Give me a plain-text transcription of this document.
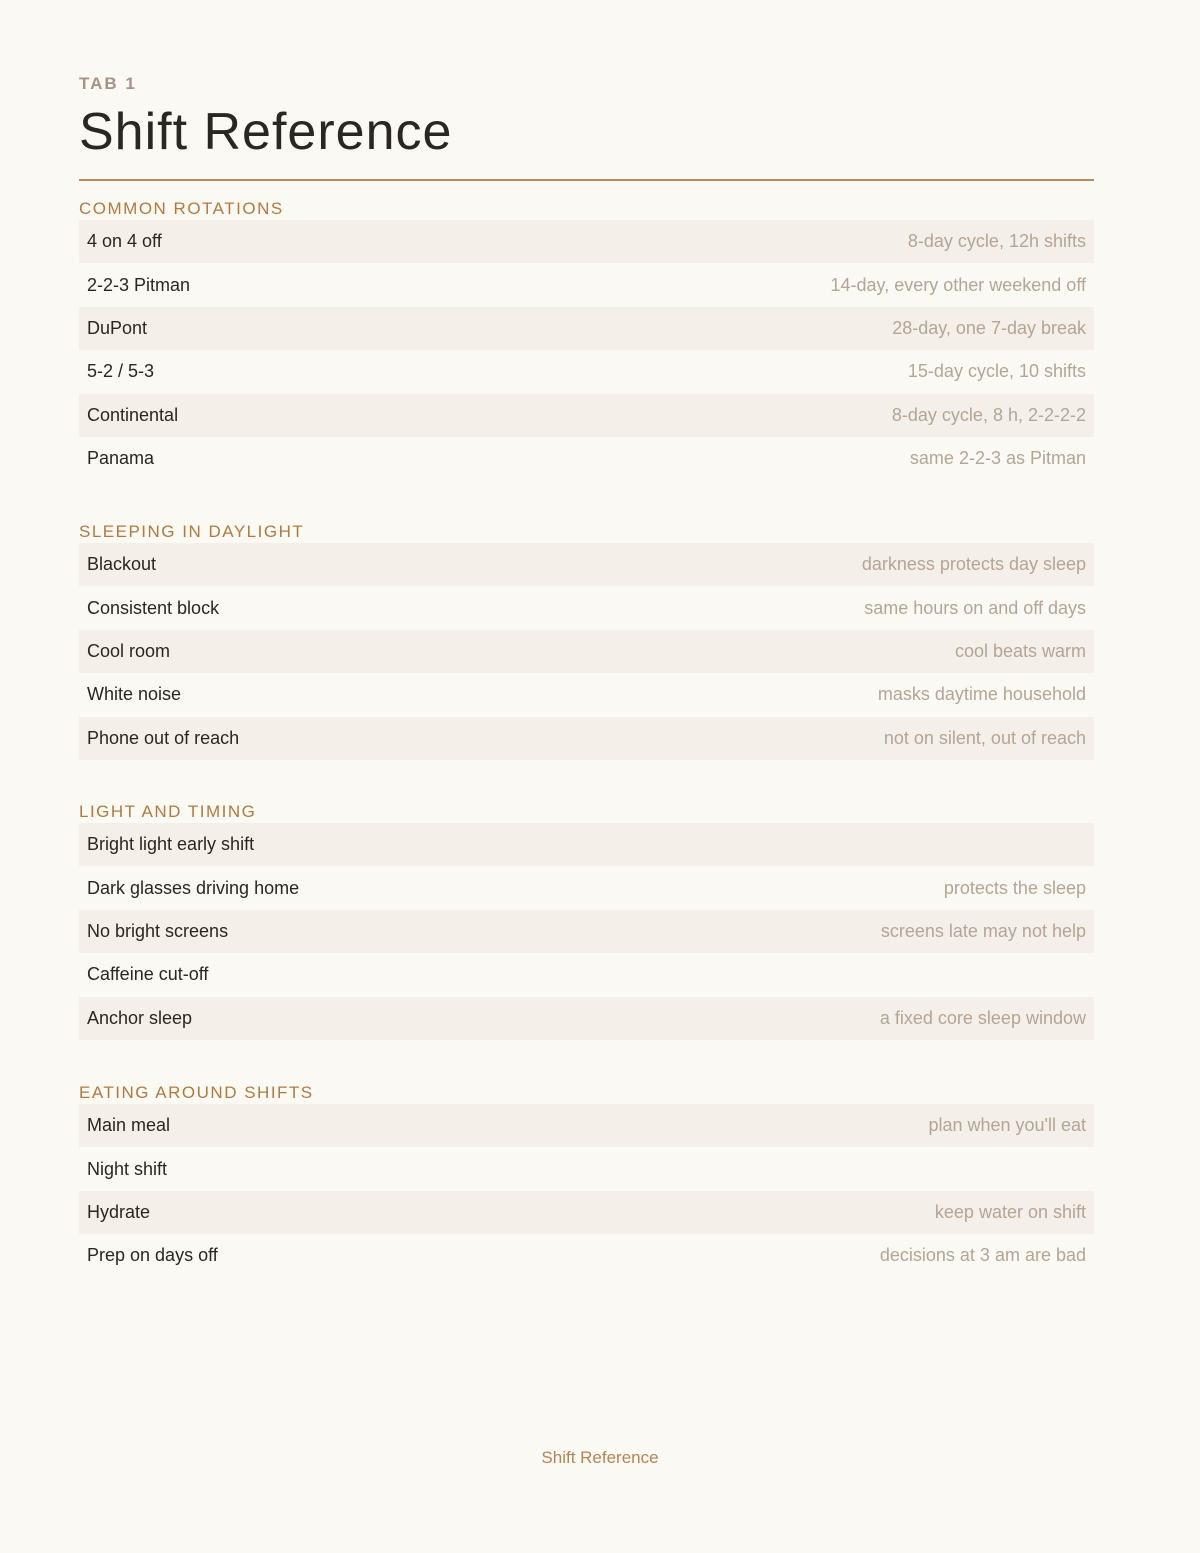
TAB 1
Shift Reference
COMMON ROTATIONS
4 on 4 off	8-day cycle, 12h shifts
2-2-3 Pitman	14-day, every other weekend off
DuPont	28-day, one 7-day break
5-2 / 5-3	15-day cycle, 10 shifts
Continental	8-day cycle, 8 h, 2-2-2-2
Panama	same 2-2-3 as Pitman
SLEEPING IN DAYLIGHT
Blackout	darkness protects day sleep
Consistent block	same hours on and off days
Cool room	cool beats warm
White noise	masks daytime household
Phone out of reach	not on silent, out of reach
LIGHT AND TIMING
Bright light early shift
Dark glasses driving home	protects the sleep
No bright screens	screens late may not help
Caffeine cut-off
Anchor sleep	a fixed core sleep window
EATING AROUND SHIFTS
Main meal	plan when you'll eat
Night shift
Hydrate	keep water on shift
Prep on days off	decisions at 3 am are bad
Shift Reference
